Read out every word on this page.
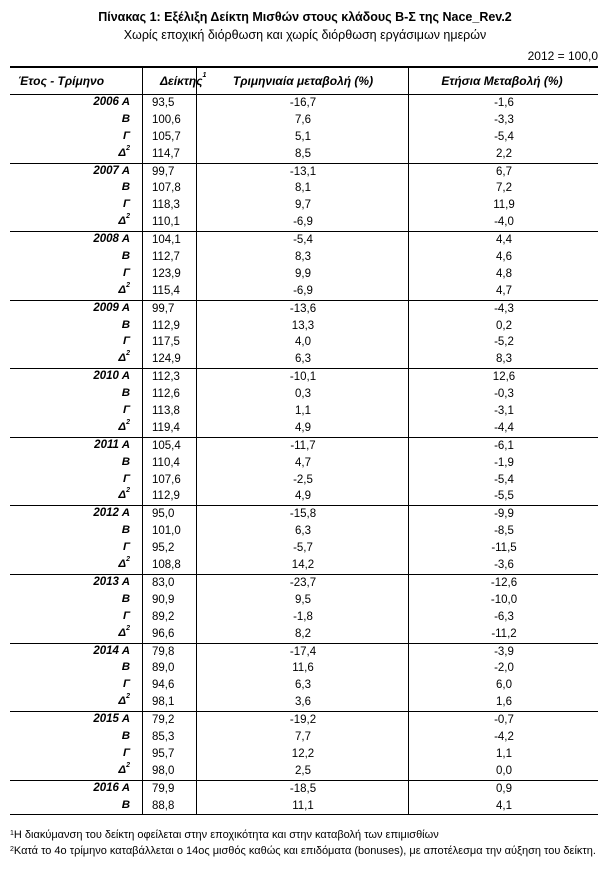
Πίνακας 1: Εξέλιξη Δείκτη Μισθών στους κλάδους Β-Σ της Nace_Rev.2
Χωρίς εποχική διόρθωση και χωρίς διόρθωση εργάσιμων ημερών
2012 = 100,0
Έτος - Τρίμηνο	Δείκτης$^1$	Τριμηνιαία μεταβολή (%)	Ετήσια Μεταβολή (%)
2006 Α 93,5	-16,7	-1,6
Β 100,6	7,6	-3,3
Γ 105,7	5,1	-5,4
$\Delta^2$ 114,7	8,5	2,2
2007 Α 99,7	-13,1	6,7
Β 107,8	8,1	7,2
Γ 118,3	9,7	11,9
$\Delta^2$ 110,1	-6,9	-4,0
2008 Α 104,1	-5,4	4,4
Β 112,7	8,3	4,6
Γ 123,9	9,9	4,8
$\Delta^2$ 115,4	-6,9	4,7
2009 Α 99,7	-13,6	-4,3
Β 112,9	13,3	0,2
Γ 117,5	4,0	-5,2
$\Delta^2$ 124,9	6,3	8,3
2010 Α 112,3	-10,1	12,6
Β 112,6	0,3	-0,3
Γ 113,8	1,1	-3,1
$\Delta^2$ 119,4	4,9	-4,4
2011 Α 105,4	-11,7	-6,1
Β 110,4	4,7	-1,9
Γ 107,6	-2,5	-5,4
$\Delta^2$ 112,9	4,9	-5,5
2012 Α 95,0	-15,8	-9,9
Β 101,0	6,3	-8,5
Γ 95,2	-5,7	-11,5
$\Delta^2$ 108,8	14,2	-3,6
2013 Α 83,0	-23,7	-12,6
Β 90,9	9,5	-10,0
Γ 89,2	-1,8	-6,3
$\Delta^2$ 96,6	8,2	-11,2
2014 Α 79,8	-17,4	-3,9
Β 89,0	11,6	-2,0
Γ 94,6	6,3	6,0
$\Delta^2$ 98,1	3,6	1,6
2015 Α 79,2	-19,2	-0,7
Β 85,3	7,7	-4,2
Γ 95,7	12,2	1,1
$\Delta^2$ 98,0	2,5	0,0
2016 Α 79,9	-18,5	0,9
Β 88,8	11,1	4,1
$^1$Η διακύμανση του δείκτη οφείλεται στην εποχικότητα και στην καταβολή των επιμισθίων
$^2$Κατά το 4ο τρίμηνο καταβάλλεται ο 14ος μισθός καθώς και επιδόματα (bonuses), με αποτέλεσμα την αύξηση του δείκτη.
